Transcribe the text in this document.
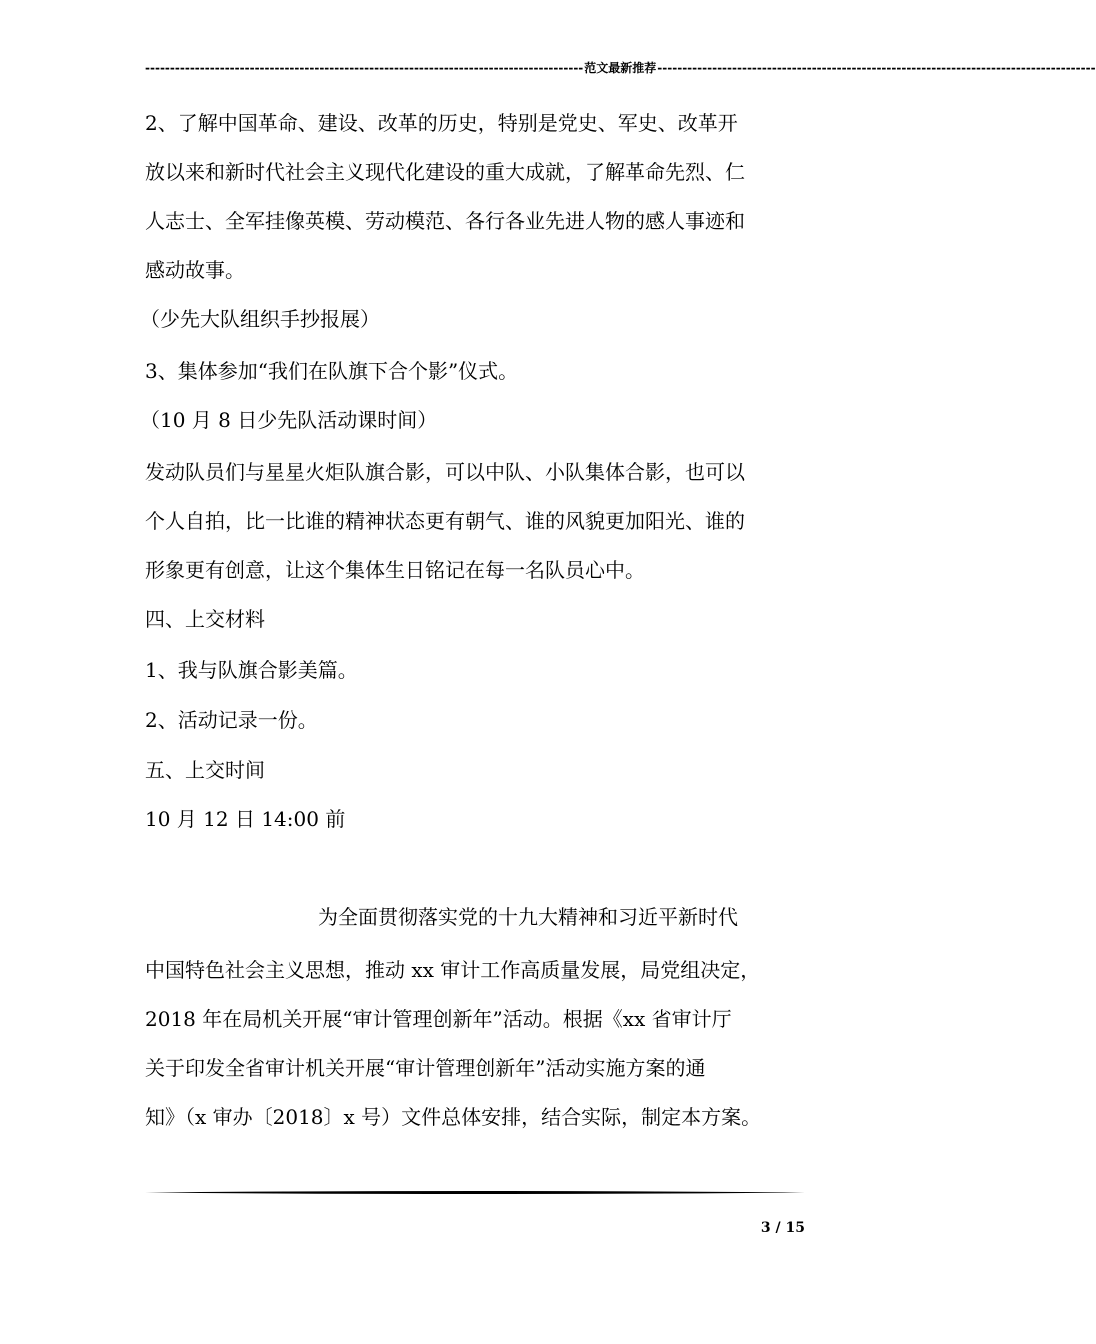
---------------------------------------------------------------------------------------- 范文最新推荐 ----------------------------------------------------------------------------------------
2、了解中国革命、建设、改革的历史，特别是党史、军史、改革开
放以来和新时代社会主义现代化建设的重大成就，了解革命先烈、仁
人志士、全军挂像英模、劳动模范、各行各业先进人物的感人事迹和
感动故事。
（少先大队组织手抄报展）
3、集体参加“我们在队旗下合个影”仪式。
（10 月 8 日少先队活动课时间）
发动队员们与星星火炬队旗合影，可以中队、小队集体合影，也可以
个人自拍，比一比谁的精神状态更有朝气、谁的风貌更加阳光、谁的
形象更有创意，让这个集体生日铭记在每一名队员心中。
四、上交材料
1、我与队旗合影美篇。
2、活动记录一份。
五、上交时间
10 月 12 日 14:00 前
为全面贯彻落实党的十九大精神和习近平新时代
中国特色社会主义思想，推动 xx 审计工作高质量发展，局党组决定，
2018 年在局机关开展“审计管理创新年”活动。根据《xx 省审计厅
关于印发全省审计机关开展“审计管理创新年”活动实施方案的通
知》（x 审办〔2018〕x 号）文件总体安排，结合实际，制定本方案。
3 / 15
